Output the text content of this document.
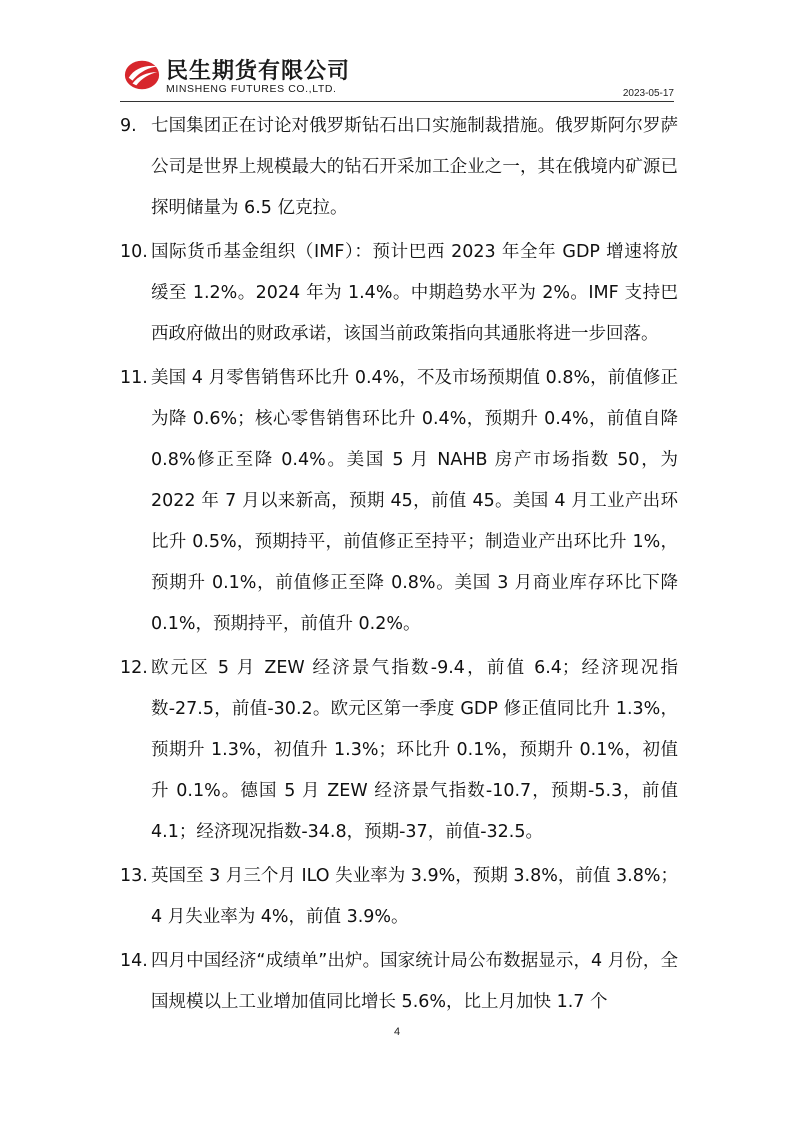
民生期货有限公司
MINSHENG FUTURES CO.,LTD.	2023-05-17
9. 七国集团正在讨论对俄罗斯钻石出口实施制裁措施。俄罗斯阿尔罗萨公司是世界上规模最大的钻石开采加工企业之一，其在俄境内矿源已探明储量为 6.5 亿克拉。
10. 国际货币基金组织（IMF）：预计巴西 2023 年全年 GDP 增速将放缓至 1.2%。2024 年为 1.4%。中期趋势水平为 2%。IMF 支持巴西政府做出的财政承诺，该国当前政策指向其通胀将进一步回落。
11. 美国 4 月零售销售环比升 0.4%，不及市场预期值 0.8%，前值修正为降 0.6%；核心零售销售环比升 0.4%，预期升 0.4%，前值自降 0.8%修正至降 0.4%。美国 5 月 NAHB 房产市场指数 50，为 2022 年 7 月以来新高，预期 45，前值 45。美国 4 月工业产出环比升 0.5%，预期持平，前值修正至持平；制造业产出环比升 1%，预期升 0.1%，前值修正至降 0.8%。美国 3 月商业库存环比下降 0.1%，预期持平，前值升 0.2%。
12. 欧元区 5 月 ZEW 经济景气指数-9.4，前值 6.4；经济现况指数-27.5，前值-30.2。欧元区第一季度 GDP 修正值同比升 1.3%，预期升 1.3%，初值升 1.3%；环比升 0.1%，预期升 0.1%，初值升 0.1%。德国 5 月 ZEW 经济景气指数-10.7，预期-5.3，前值 4.1；经济现况指数-34.8，预期-37，前值-32.5。
13. 英国至 3 月三个月 ILO 失业率为 3.9%，预期 3.8%，前值 3.8%；4 月失业率为 4%，前值 3.9%。
14. 四月中国经济“成绩单”出炉。国家统计局公布数据显示，4 月份，全国规模以上工业增加值同比增长 5.6%，比上月加快 1.7 个
4
